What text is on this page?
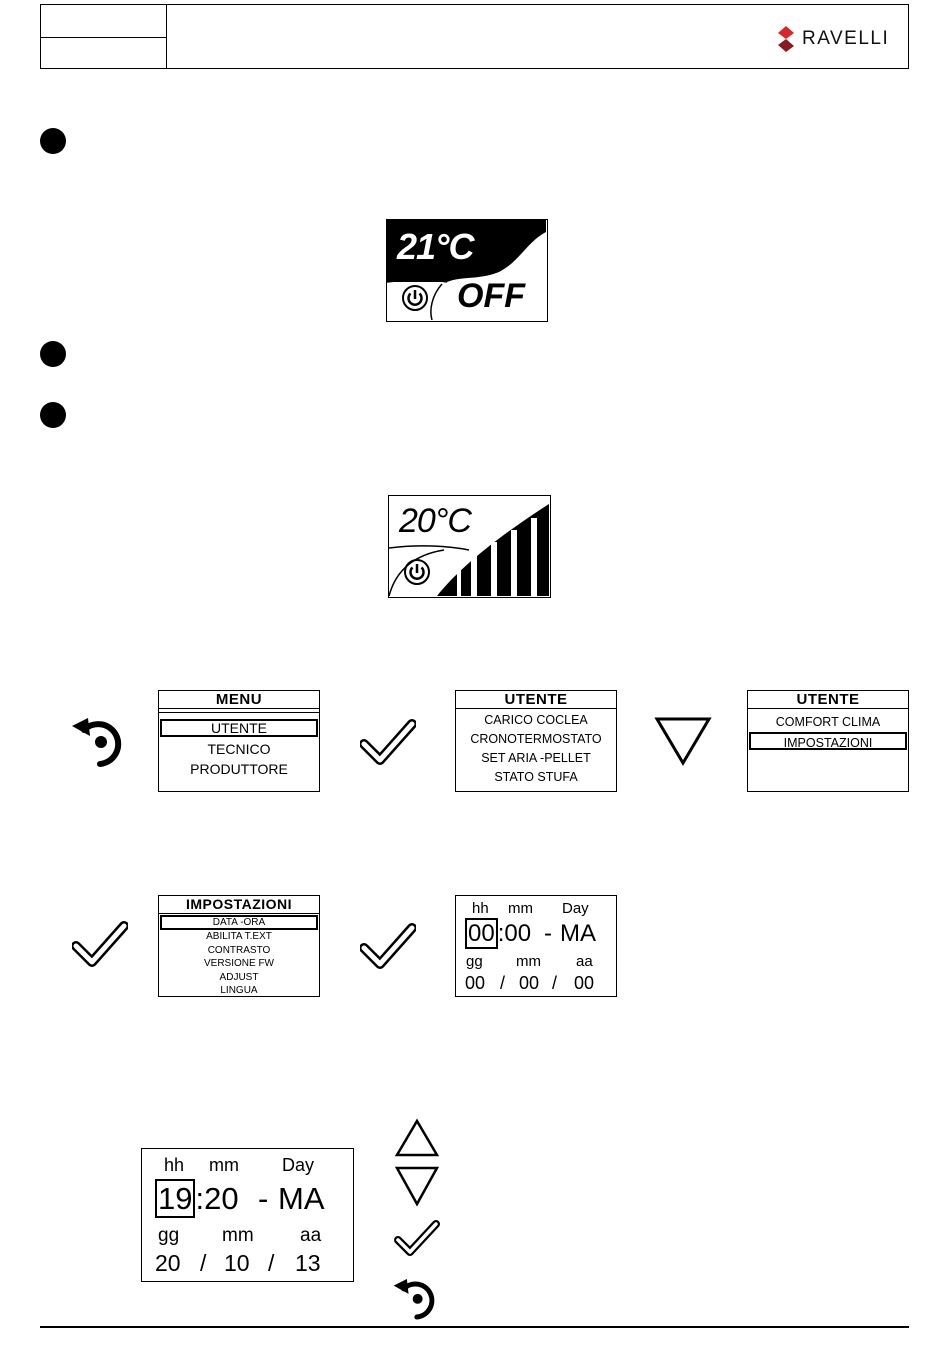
RAVELLI
21°C
OFF
20°C
MENU
UTENTE
TECNICO
PRODUTTORE
UTENTE
CARICO COCLEA
CRONOTERMOSTATO
SET ARIA -PELLET
STATO STUFA
UTENTE
COMFORT CLIMA
IMPOSTAZIONI
IMPOSTAZIONI
DATA -ORA
ABILITA T.EXT
CONTRASTO
VERSIONE FW
ADJUST
LINGUA
hh mm Day
00 :00 - MA
gg mm aa
00 / 00 / 00
hh mm Day
19:20 - MA
gg mm aa
20 / 10 / 13
